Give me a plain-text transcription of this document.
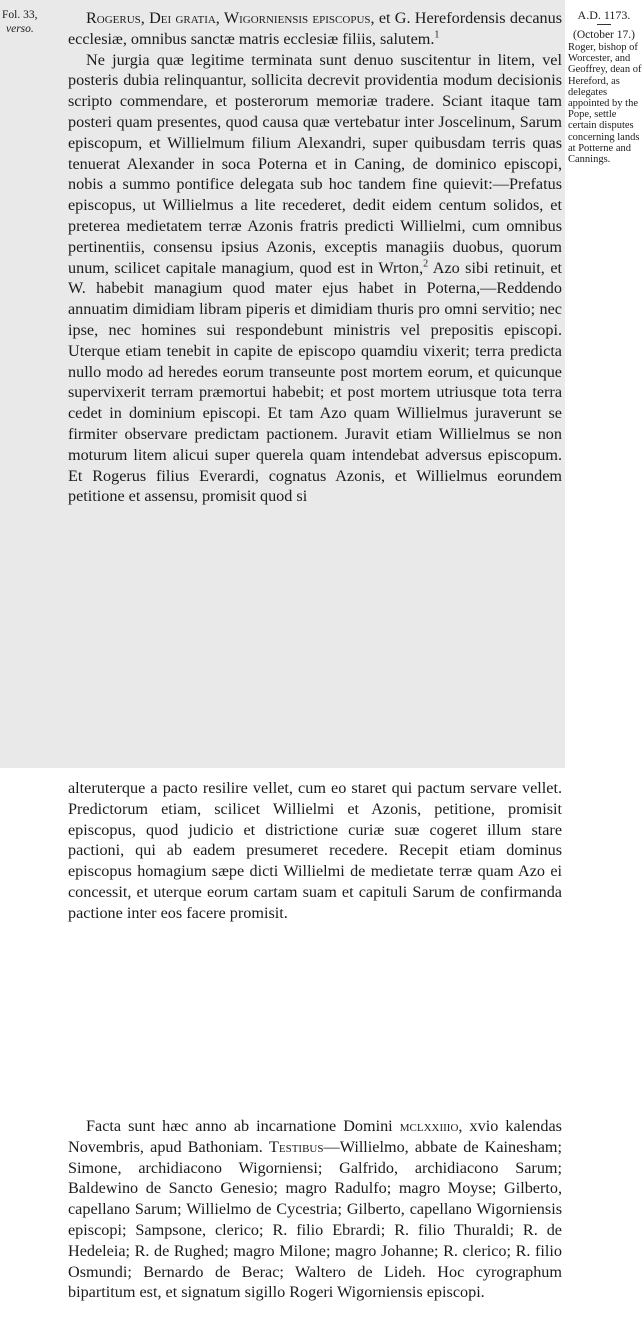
Fol. 33,
verso.
A.D. 1173.
(October 17.)
Roger, bishop of Worcester, and Geoffrey, dean of Hereford, as delegates appointed by the Pope, settle certain disputes concerning lands at Potterne and Cannings.

Rogerus, Dei gratia, Wigorniensis episcopus, et G. Herefordensis decanus ecclesiæ, omnibus sanctæ matris ecclesiæ filiis, salutem.$^1$

Ne jurgia quæ legitime terminata sunt denuo suscitentur in litem, vel posteris dubia relinquantur, sollicita decrevit providentia modum decisionis scripto commendare, et posterorum memoriæ tradere. Sciant itaque tam posteri quam presentes, quod causa quæ vertebatur inter Joscelinum, Sarum episcopum, et Willielmum filium Alexandri, super quibusdam terris quas tenuerat Alexander in soca Poterna et in Caning, de dominico episcopi, nobis a summo pontifice delegata sub hoc tandem fine quievit:—Prefatus episcopus, ut Willielmus a lite recederet, dedit eidem centum solidos, et preterea medietatem terræ Azonis fratris predicti Willielmi, cum omnibus pertinentiis, consensu ipsius Azonis, exceptis managiis duobus, quorum unum, scilicet capitale managium, quod est in Wrton,$^2$ Azo sibi retinuit, et W. habebit managium quod mater ejus habet in Poterna,—Reddendo annuatim dimidiam libram piperis et dimidiam thuris pro omni servitio; nec ipse, nec homines sui respondebunt ministris vel prepositis episcopi. Uterque etiam tenebit in capite de episcopo quamdiu vixerit; terra predicta nullo modo ad heredes eorum transeunte post mortem eorum, et quicunque supervixerit terram præmortui habebit; et post mortem utriusque tota terra cedet in dominium episcopi. Et tam Azo quam Willielmus juraverunt se firmiter observare predictam pactionem. Juravit etiam Willielmus se non moturum litem alicui super querela quam intendebat adversus episcopum. Et Rogerus filius Everardi, cognatus Azonis, et Willielmus eorundem petitione et assensu, promisit quod si

alteruterque a pacto resilire vellet, cum eo staret qui pactum servare vellet. Predictorum etiam, scilicet Willielmi et Azonis, petitione, promisit episcopus, quod judicio et districtione curiæ suæ cogeret illum stare pactioni, qui ab eadem presumeret recedere. Recepit etiam dominus episcopus homagium sæpe dicti Willielmi de medietate terræ quam Azo ei concessit, et uterque eorum cartam suam et capituli Sarum de confirmanda pactione inter eos facere promisit.

Facta sunt hæc anno ab incarnatione Domini mclxxiiio, xvio kalendas Novembris, apud Bathoniam. Testibus—Willielmo, abbate de Kainesham; Simone, archidiacono Wigorniensi; Galfrido, archidiacono Sarum; Baldewino de Sancto Genesio; magro Radulfo; magro Moyse; Gilberto, capellano Sarum; Willielmo de Cycestria; Gilberto, capellano Wigorniensis episcopi; Sampsone, clerico; R. filio Ebrardi; R. filio Thuraldi; R. de Hedeleia; R. de Rughed; magro Milone; magro Johanne; R. clerico; R. filio Osmundi; Bernardo de Berac; Waltero de Lideh. Hoc cyrographum bipartitum est, et signatum sigillo Rogeri Wigorniensis episcopi.
